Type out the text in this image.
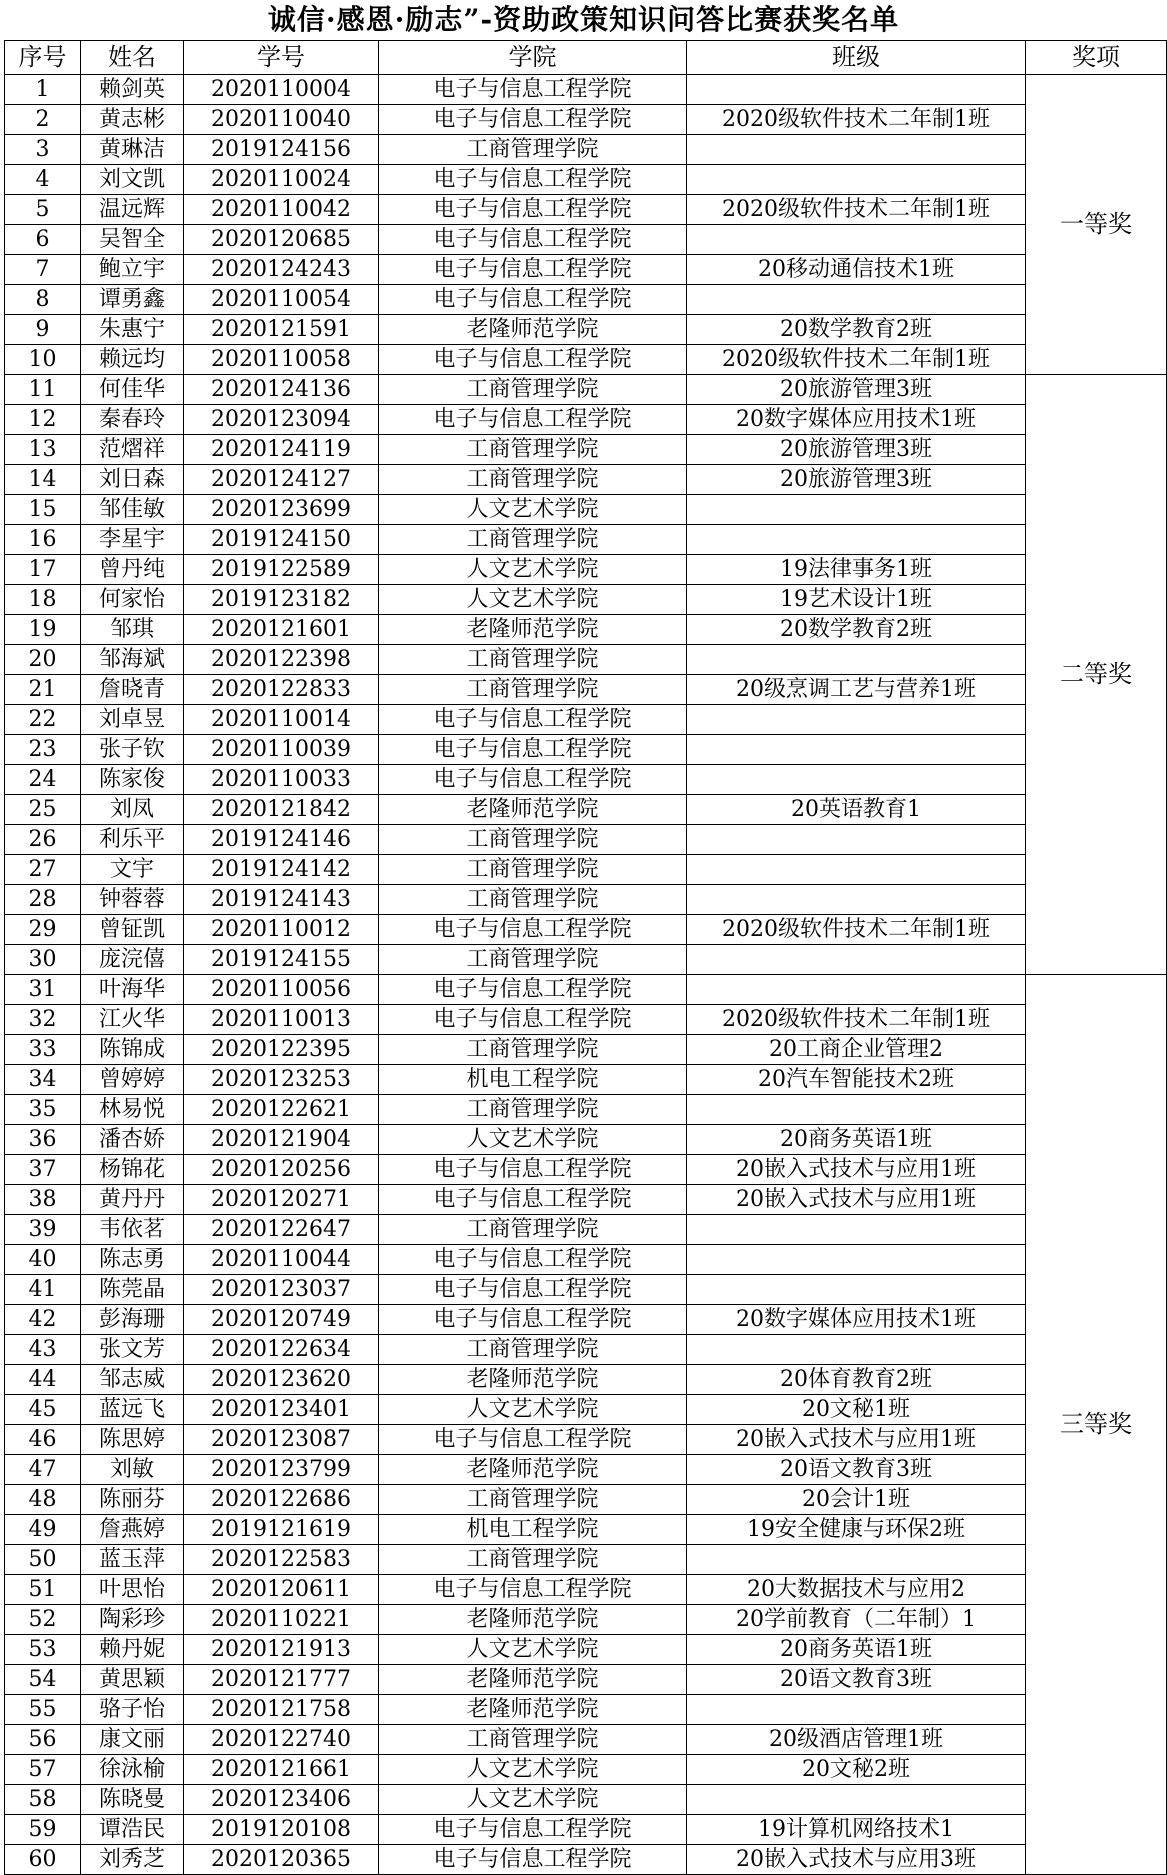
诚信·感恩·励志”-资助政策知识问答比赛获奖名单
序号	姓名	学号	学院	班级	奖项
1	赖剑英	2020110004	电子与信息工程学院		一等奖
2	黄志彬	2020110040	电子与信息工程学院	2020级软件技术二年制1班	
3	黄琳洁	2019124156	工商管理学院		
4	刘文凯	2020110024	电子与信息工程学院		
5	温远辉	2020110042	电子与信息工程学院	2020级软件技术二年制1班	
6	吴智全	2020120685	电子与信息工程学院		
7	鲍立宇	2020124243	电子与信息工程学院	20移动通信技术1班	
8	谭勇鑫	2020110054	电子与信息工程学院		
9	朱惠宁	2020121591	老隆师范学院	20数学教育2班	
10	赖远均	2020110058	电子与信息工程学院	2020级软件技术二年制1班	
11	何佳华	2020124136	工商管理学院	20旅游管理3班	二等奖
12	秦春玲	2020123094	电子与信息工程学院	20数字媒体应用技术1班	
13	范熠祥	2020124119	工商管理学院	20旅游管理3班	
14	刘日森	2020124127	工商管理学院	20旅游管理3班	
15	邹佳敏	2020123699	人文艺术学院		
16	李星宇	2019124150	工商管理学院		
17	曾丹纯	2019122589	人文艺术学院	19法律事务1班	
18	何家怡	2019123182	人文艺术学院	19艺术设计1班	
19	邹琪	2020121601	老隆师范学院	20数学教育2班	
20	邹海斌	2020122398	工商管理学院		
21	詹晓青	2020122833	工商管理学院	20级烹调工艺与营养1班	
22	刘卓昱	2020110014	电子与信息工程学院		
23	张子钦	2020110039	电子与信息工程学院		
24	陈家俊	2020110033	电子与信息工程学院		
25	刘凤	2020121842	老隆师范学院	20英语教育1	
26	利乐平	2019124146	工商管理学院		
27	文宇	2019124142	工商管理学院		
28	钟蓉蓉	2019124143	工商管理学院		
29	曾钲凯	2020110012	电子与信息工程学院	2020级软件技术二年制1班	
30	庞浣僖	2019124155	工商管理学院		
31	叶海华	2020110056	电子与信息工程学院		三等奖
32	江火华	2020110013	电子与信息工程学院	2020级软件技术二年制1班	
33	陈锦成	2020122395	工商管理学院	20工商企业管理2	
34	曾婷婷	2020123253	机电工程学院	20汽车智能技术2班	
35	林易悦	2020122621	工商管理学院		
36	潘杏娇	2020121904	人文艺术学院	20商务英语1班	
37	杨锦花	2020120256	电子与信息工程学院	20嵌入式技术与应用1班	
38	黄丹丹	2020120271	电子与信息工程学院	20嵌入式技术与应用1班	
39	韦依茗	2020122647	工商管理学院		
40	陈志勇	2020110044	电子与信息工程学院		
41	陈莞晶	2020123037	电子与信息工程学院		
42	彭海珊	2020120749	电子与信息工程学院	20数字媒体应用技术1班	
43	张文芳	2020122634	工商管理学院		
44	邹志威	2020123620	老隆师范学院	20体育教育2班	
45	蓝远飞	2020123401	人文艺术学院	20文秘1班	
46	陈思婷	2020123087	电子与信息工程学院	20嵌入式技术与应用1班	
47	刘敏	2020123799	老隆师范学院	20语文教育3班	
48	陈丽芬	2020122686	工商管理学院	20会计1班	
49	詹燕婷	2019121619	机电工程学院	19安全健康与环保2班	
50	蓝玉萍	2020122583	工商管理学院		
51	叶思怡	2020120611	电子与信息工程学院	20大数据技术与应用2	
52	陶彩珍	2020110221	老隆师范学院	20学前教育（二年制）1	
53	赖丹妮	2020121913	人文艺术学院	20商务英语1班	
54	黄思颖	2020121777	老隆师范学院	20语文教育3班	
55	骆子怡	2020121758	老隆师范学院		
56	康文丽	2020122740	工商管理学院	20级酒店管理1班	
57	徐泳榆	2020121661	人文艺术学院	20文秘2班	
58	陈晓曼	2020123406	人文艺术学院		
59	谭浩民	2019120108	电子与信息工程学院	19计算机网络技术1	
60	刘秀芝	2020120365	电子与信息工程学院	20嵌入式技术与应用3班	
